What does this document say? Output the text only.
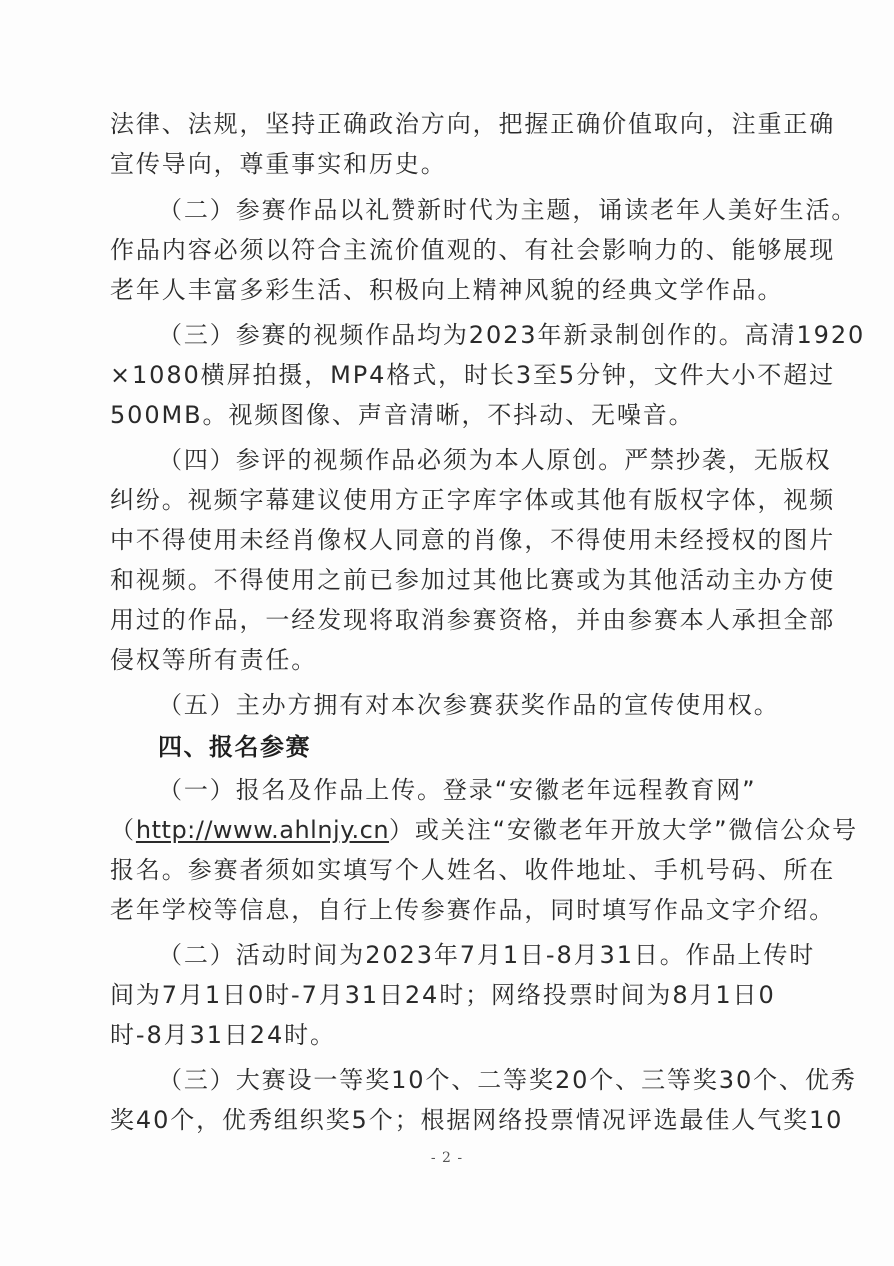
法律、法规，坚持正确政治方向，把握正确价值取向，注重正确
宣传导向，尊重事实和历史。
（二）参赛作品以礼赞新时代为主题，诵读老年人美好生活。
作品内容必须以符合主流价值观的、有社会影响力的、能够展现
老年人丰富多彩生活、积极向上精神风貌的经典文学作品。
（三）参赛的视频作品均为2023年新录制创作的。高清1920
×1080横屏拍摄，MP4格式，时长3至5分钟，文件大小不超过
500MB。视频图像、声音清晰，不抖动、无噪音。
（四）参评的视频作品必须为本人原创。严禁抄袭，无版权
纠纷。视频字幕建议使用方正字库字体或其他有版权字体，视频
中不得使用未经肖像权人同意的肖像，不得使用未经授权的图片
和视频。不得使用之前已参加过其他比赛或为其他活动主办方使
用过的作品，一经发现将取消参赛资格，并由参赛本人承担全部
侵权等所有责任。
（五）主办方拥有对本次参赛获奖作品的宣传使用权。
四、报名参赛
（一）报名及作品上传。登录“安徽老年远程教育网”
（http://www.ahlnjy.cn）或关注“安徽老年开放大学”微信公众号
报名。参赛者须如实填写个人姓名、收件地址、手机号码、所在
老年学校等信息，自行上传参赛作品，同时填写作品文字介绍。
（二）活动时间为2023年7月1日-8月31日。作品上传时
间为7月1日0时-7月31日24时；网络投票时间为8月1日0
时-8月31日24时。
（三）大赛设一等奖10个、二等奖20个、三等奖30个、优秀
奖40个，优秀组织奖5个；根据网络投票情况评选最佳人气奖10
- 2 -
